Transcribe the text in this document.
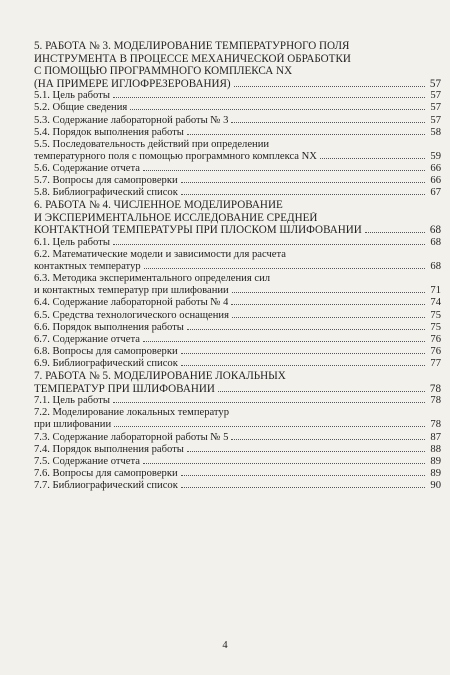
5. РАБОТА № 3. МОДЕЛИРОВАНИЕ ТЕМПЕРАТУРНОГО ПОЛЯ
ИНСТРУМЕНТА В ПРОЦЕССЕ МЕХАНИЧЕСКОЙ ОБРАБОТКИ
С ПОМОЩЬЮ ПРОГРАММНОГО КОМПЛЕКСА NX
(НА ПРИМЕРЕ ИГЛОФРЕЗЕРОВАНИЯ)	57
5.1. Цель работы	57
5.2. Общие сведения	57
5.3. Содержание лабораторной работы № 3	57
5.4. Порядок выполнения работы	58
5.5. Последовательность действий при определении
температурного поля с помощью программного комплекса NX	59
5.6. Содержание отчета	66
5.7. Вопросы для самопроверки	66
5.8. Библиографический список	67
6. РАБОТА № 4. ЧИСЛЕННОЕ МОДЕЛИРОВАНИЕ
И ЭКСПЕРИМЕНТАЛЬНОЕ ИССЛЕДОВАНИЕ СРЕДНЕЙ
КОНТАКТНОЙ ТЕМПЕРАТУРЫ ПРИ ПЛОСКОМ ШЛИФОВАНИИ	68
6.1. Цель работы	68
6.2. Математические модели и зависимости для расчета
контактных температур	68
6.3. Методика экспериментального определения сил
и контактных температур при шлифовании	71
6.4. Содержание лабораторной работы № 4	74
6.5. Средства технологического оснащения	75
6.6. Порядок выполнения работы	75
6.7. Содержание отчета	76
6.8. Вопросы для самопроверки	76
6.9. Библиографический список	77
7. РАБОТА № 5. МОДЕЛИРОВАНИЕ ЛОКАЛЬНЫХ
ТЕМПЕРАТУР ПРИ ШЛИФОВАНИИ	78
7.1. Цель работы	78
7.2. Моделирование локальных температур
при шлифовании	78
7.3. Содержание лабораторной работы № 5	87
7.4. Порядок выполнения работы	88
7.5. Содержание отчета	89
7.6. Вопросы для самопроверки	89
7.7. Библиографический список	90
4
